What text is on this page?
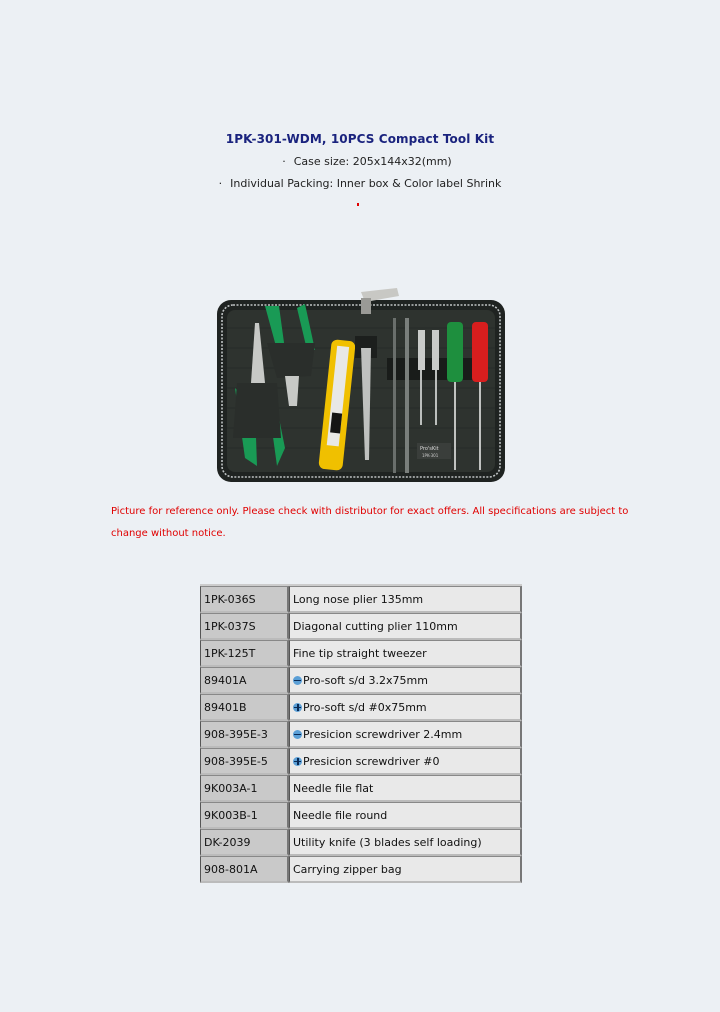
1PK-301-WDM, 10PCS Compact Tool Kit
· Case size: 205x144x32(mm)
· Individual Packing: Inner box & Color label Shrink
Pro'sKit
1PK-301
Picture for reference only. Please check with distributor for exact offers. All specifications are subject to change without notice.
1PK-036S	Long nose plier 135mm
1PK-037S	Diagonal cutting plier 110mm
1PK-125T	Fine tip straight tweezer
89401A	Pro-soft s/d 3.2x75mm
89401B	Pro-soft s/d #0x75mm
908-395E-3	Presicion screwdriver 2.4mm
908-395E-5	Presicion screwdriver #0
9K003A-1	Needle file flat
9K003B-1	Needle file round
DK-2039	Utility knife (3 blades self loading)
908-801A	Carrying zipper bag
